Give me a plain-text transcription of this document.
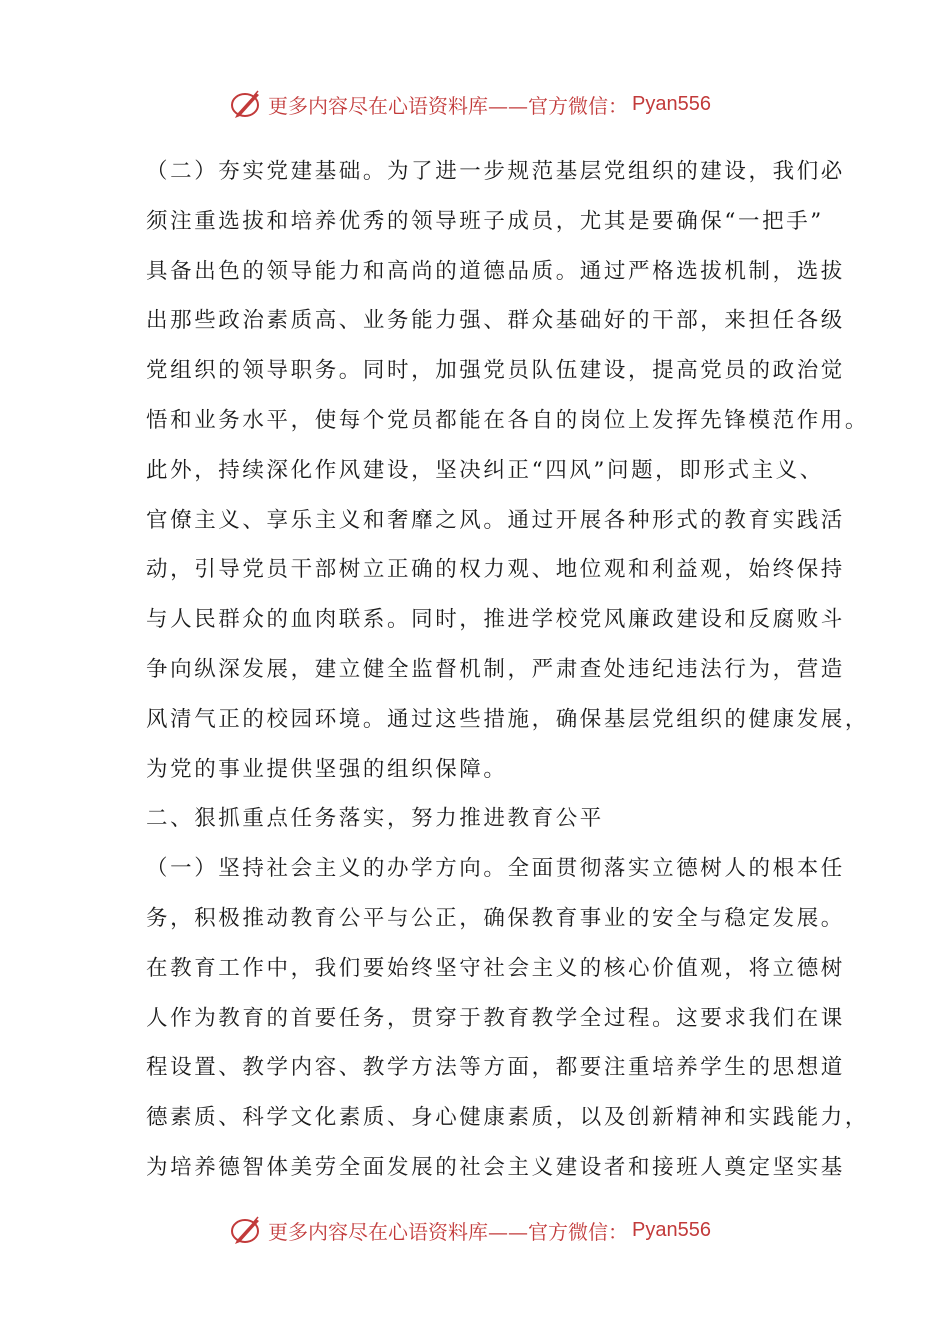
更多内容尽在心语资料库——官方微信： Pyan556

（二）夯实党建基础。为了进一步规范基层党组织的建设，我们必

须注重选拔和培养优秀的领导班子成员，尤其是要确保“一把手”

具备出色的领导能力和高尚的道德品质。通过严格选拔机制，选拔

出那些政治素质高、业务能力强、群众基础好的干部，来担任各级

党组织的领导职务。同时，加强党员队伍建设，提高党员的政治觉

悟和业务水平，使每个党员都能在各自的岗位上发挥先锋模范作用。

此外，持续深化作风建设，坚决纠正“四风”问题，即形式主义、

官僚主义、享乐主义和奢靡之风。通过开展各种形式的教育实践活

动，引导党员干部树立正确的权力观、地位观和利益观，始终保持

与人民群众的血肉联系。同时，推进学校党风廉政建设和反腐败斗

争向纵深发展，建立健全监督机制，严肃查处违纪违法行为，营造

风清气正的校园环境。通过这些措施，确保基层党组织的健康发展，

为党的事业提供坚强的组织保障。

二、狠抓重点任务落实，努力推进教育公平

（一）坚持社会主义的办学方向。全面贯彻落实立德树人的根本任

务，积极推动教育公平与公正，确保教育事业的安全与稳定发展。

在教育工作中，我们要始终坚守社会主义的核心价值观，将立德树

人作为教育的首要任务，贯穿于教育教学全过程。这要求我们在课

程设置、教学内容、教学方法等方面，都要注重培养学生的思想道

德素质、科学文化素质、身心健康素质，以及创新精神和实践能力，

为培养德智体美劳全面发展的社会主义建设者和接班人奠定坚实基

更多内容尽在心语资料库——官方微信： Pyan556
